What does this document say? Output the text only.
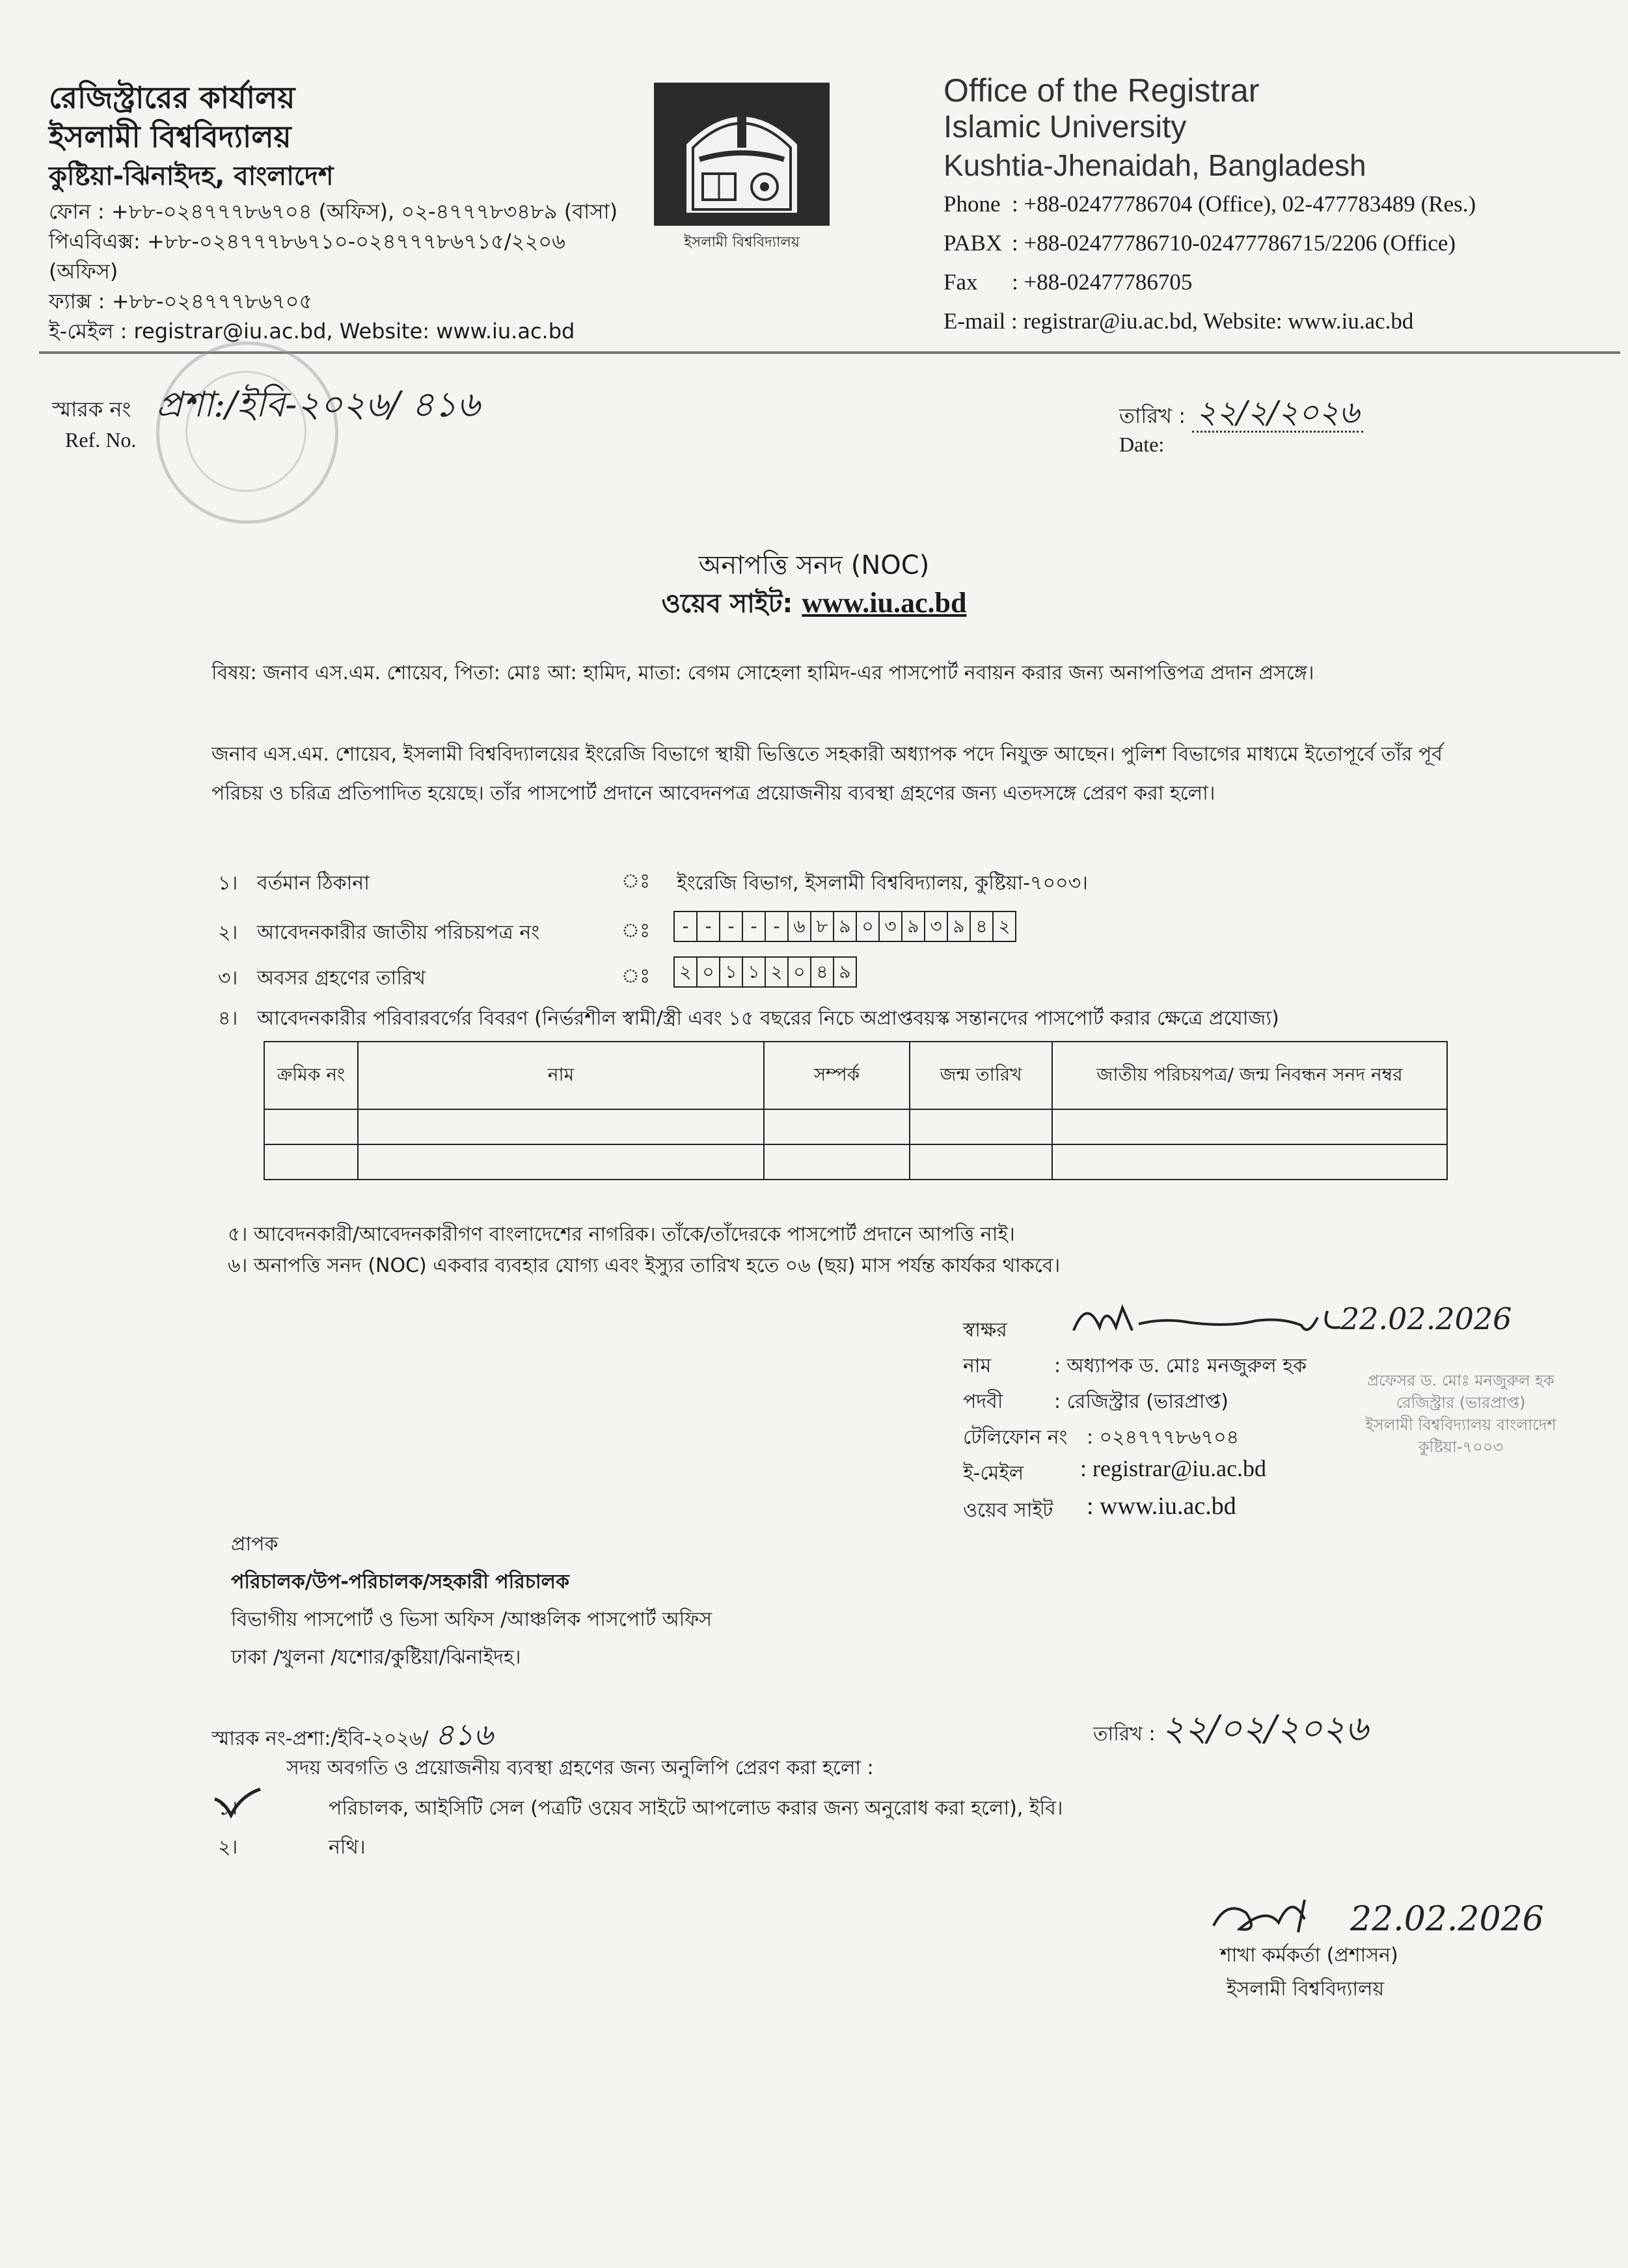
রেজিস্ট্রারের কার্যালয়
ইসলামী বিশ্ববিদ্যালয়
কুষ্টিয়া-ঝিনাইদহ, বাংলাদেশ
ফোন : +৮৮-০২৪৭৭৭৮৬৭০৪ (অফিস), ০২-৪৭৭৭৮৩৪৮৯ (বাসা)
পিএবিএক্স: +৮৮-০২৪৭৭৭৮৬৭১০-০২৪৭৭৭৮৬৭১৫/২২০৬ (অফিস)
ফ্যাক্স : +৮৮-০২৪৭৭৭৮৬৭০৫
ই-মেইল : registrar@iu.ac.bd, Website: www.iu.ac.bd
ইসলামী বিশ্ববিদ্যালয়
Office of the Registrar
Islamic University
Kushtia-Jhenaidah, Bangladesh
Phone : +88-02477786704 (Office), 02-477783489 (Res.)
PABX : +88-02477786710-02477786715/2206 (Office)
Fax : +88-02477786705
E-mail : registrar@iu.ac.bd, Website: www.iu.ac.bd
স্মারক নং প্রশা:/ইবি-২০২৬/ ৪১৬
Ref. No.
তারিখ : ২২/২/২০২৬
Date:
অনাপত্তি সনদ (NOC)
ওয়েব সাইট: www.iu.ac.bd
বিষয়: জনাব এস.এম. শোয়েব, পিতা: মোঃ আ: হামিদ, মাতা: বেগম সোহেলা হামিদ-এর পাসপোর্ট নবায়ন করার জন্য অনাপত্তিপত্র প্রদান প্রসঙ্গে।
জনাব এস.এম. শোয়েব, ইসলামী বিশ্ববিদ্যালয়ের ইংরেজি বিভাগে স্থায়ী ভিত্তিতে সহকারী অধ্যাপক পদে নিযুক্ত আছেন। পুলিশ বিভাগের মাধ্যমে ইতোপূর্বে তাঁর পূর্ব পরিচয় ও চরিত্র প্রতিপাদিত হয়েছে। তাঁর পাসপোর্ট প্রদানে আবেদনপত্র প্রয়োজনীয় ব্যবস্থা গ্রহণের জন্য এতদসঙ্গে প্রেরণ করা হলো।
১। বর্তমান ঠিকানা	ঃ ইংরেজি বিভাগ, ইসলামী বিশ্ববিদ্যালয়, কুষ্টিয়া-৭০০৩।
২। আবেদনকারীর জাতীয় পরিচয়পত্র নং	ঃ	- - - - - ৬ ৮ ৯ ০ ৩ ৯ ৩ ৯ ৪ ২
৩। অবসর গ্রহণের তারিখ	ঃ	২ ০ ১ ১ ২ ০ ৪ ৯
৪। আবেদনকারীর পরিবারবর্গের বিবরণ (নির্ভরশীল স্বামী/স্ত্রী এবং ১৫ বছরের নিচে অপ্রাপ্তবয়স্ক সন্তানদের পাসপোর্ট করার ক্ষেত্রে প্রযোজ্য)
ক্রমিক নং	নাম	সম্পর্ক	জন্ম তারিখ	জাতীয় পরিচয়পত্র/ জন্ম নিবন্ধন সনদ নম্বর

৫। আবেদনকারী/আবেদনকারীগণ বাংলাদেশের নাগরিক। তাঁকে/তাঁদেরকে পাসপোর্ট প্রদানে আপত্তি নাই।
৬। অনাপত্তি সনদ (NOC) একবার ব্যবহার যোগ্য এবং ইস্যুর তারিখ হতে ০৬ (ছয়) মাস পর্যন্ত কার্যকর থাকবে।
স্বাক্ষর	22.02.2026
নাম	: অধ্যাপক ড. মোঃ মনজুরুল হক
পদবী	: রেজিস্ট্রার (ভারপ্রাপ্ত)
টেলিফোন নং : ০২৪৭৭৭৮৬৭০৪
ই-মেইল : registrar@iu.ac.bd
ওয়েব সাইট : www.iu.ac.bd
প্রফেসর ড. মোঃ মনজুরুল হক
রেজিস্ট্রার (ভারপ্রাপ্ত)
ইসলামী বিশ্ববিদ্যালয় বাংলাদেশ
কুষ্টিয়া-৭০০৩
প্রাপক
পরিচালক/উপ-পরিচালক/সহকারী পরিচালক
বিভাগীয় পাসপোর্ট ও ভিসা অফিস /আঞ্চলিক পাসপোর্ট অফিস
ঢাকা /খুলনা /যশোর/কুষ্টিয়া/ঝিনাইদহ।
স্মারক নং-প্রশা:/ইবি-২০২৬/ ৪১৬	তারিখ : ২২/০২/২০২৬
সদয় অবগতি ও প্রয়োজনীয় ব্যবস্থা গ্রহণের জন্য অনুলিপি প্রেরণ করা হলো :
১।	পরিচালক, আইসিটি সেল (পত্রটি ওয়েব সাইটে আপলোড করার জন্য অনুরোধ করা হলো), ইবি।
২।	নথি।
22.02.2026
শাখা কর্মকর্তা (প্রশাসন)
ইসলামী বিশ্ববিদ্যালয়
